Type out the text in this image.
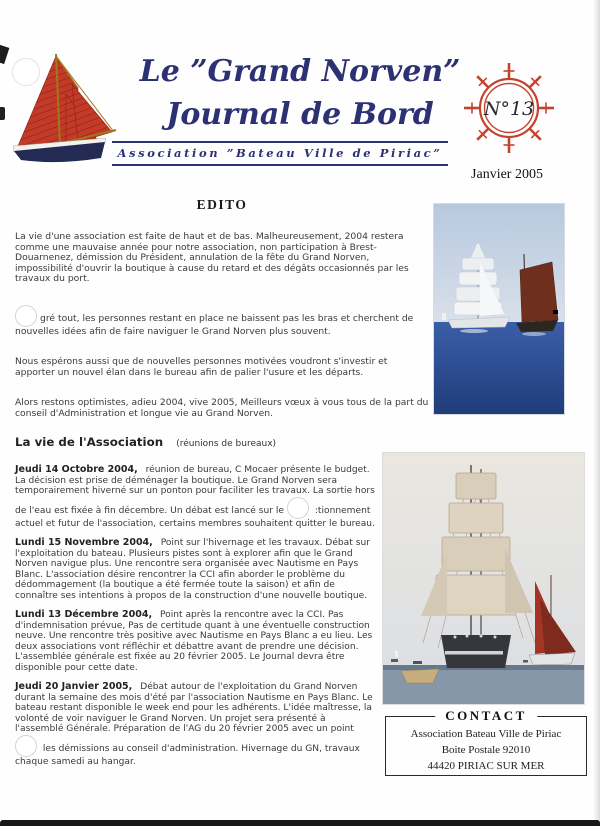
Le ”Grand Norven”
Journal de Bord
Association ”Bateau Ville de Piriac”
N°13
Janvier 2005
EDITO

La vie d'une association est faite de haut et de bas. Malheureusement, 2004 restera comme une mauvaise année pour notre association, non participation à Brest-Douarnenez, démission du Président, annulation de la fête du Grand Norven, impossibilité d'ouvrir la boutique à cause du retard et des dégâts occasionnés par les travaux du port.

gré tout, les personnes restant en place ne baissent pas les bras et cherchent de nouvelles idées afin de faire naviguer le Grand Norven plus souvent.

Nous espérons aussi que de nouvelles personnes motivées voudront s'investir et apporter un nouvel élan dans le bureau afin de palier l'usure et les départs.

Alors restons optimistes, adieu 2004, vive 2005, Meilleurs vœux à vous tous de la part du conseil d'Administration et longue vie au Grand Norven.

La vie de l'Association (réunions de bureaux)

Jeudi 14 Octobre 2004, réunion de bureau, C Mocaer présente le budget. La décision est prise de déménager la boutique. Le Grand Norven sera temporairement hiverné sur un ponton pour faciliter les travaux. La sortie hors de l'eau est fixée à fin décembre. Un débat est lancé sur le	:tionnement actuel et futur de l'association, certains membres souhaitent quitter le bureau.

Lundi 15 Novembre 2004, Point sur l'hivernage et les travaux. Débat sur l'exploitation du bateau. Plusieurs pistes sont à explorer afin que le Grand Norven navigue plus. Une rencontre sera organisée avec Nautisme en Pays Blanc. L'association désire rencontrer la CCI afin aborder le problème du dédommagement (la boutique a été fermée toute la saison) et afin de connaître ses intentions à propos de la construction d'une nouvelle boutique.

Lundi 13 Décembre 2004, Point après la rencontre avec la CCI. Pas d'indemnisation prévue, Pas de certitude quant à une éventuelle construction neuve. Une rencontre très positive avec Nautisme en Pays Blanc a eu lieu. Les deux associations vont réfléchir et débattre avant de prendre une décision. L'assemblée générale est fixée au 20 février 2005. Le Journal devra être disponible pour cette date.

Jeudi 20 Janvier 2005, Débat autour de l'exploitation du Grand Norven durant la semaine des mois d'été par l'association Nautisme en Pays Blanc. Le bateau restant disponible le week end pour les adhérents. L'idée maîtresse, la volonté de voir naviguer le Grand Norven. Un projet sera présenté à l'assemblé Générale. Préparation de l'AG du 20 février 2005 avec un point  les démissions au conseil d'administration. Hivernage du GN, travaux chaque samedi au hangar.

CONTACT
Association Bateau Ville de Piriac
Boite Postale 92010
44420 PIRIAC SUR MER
